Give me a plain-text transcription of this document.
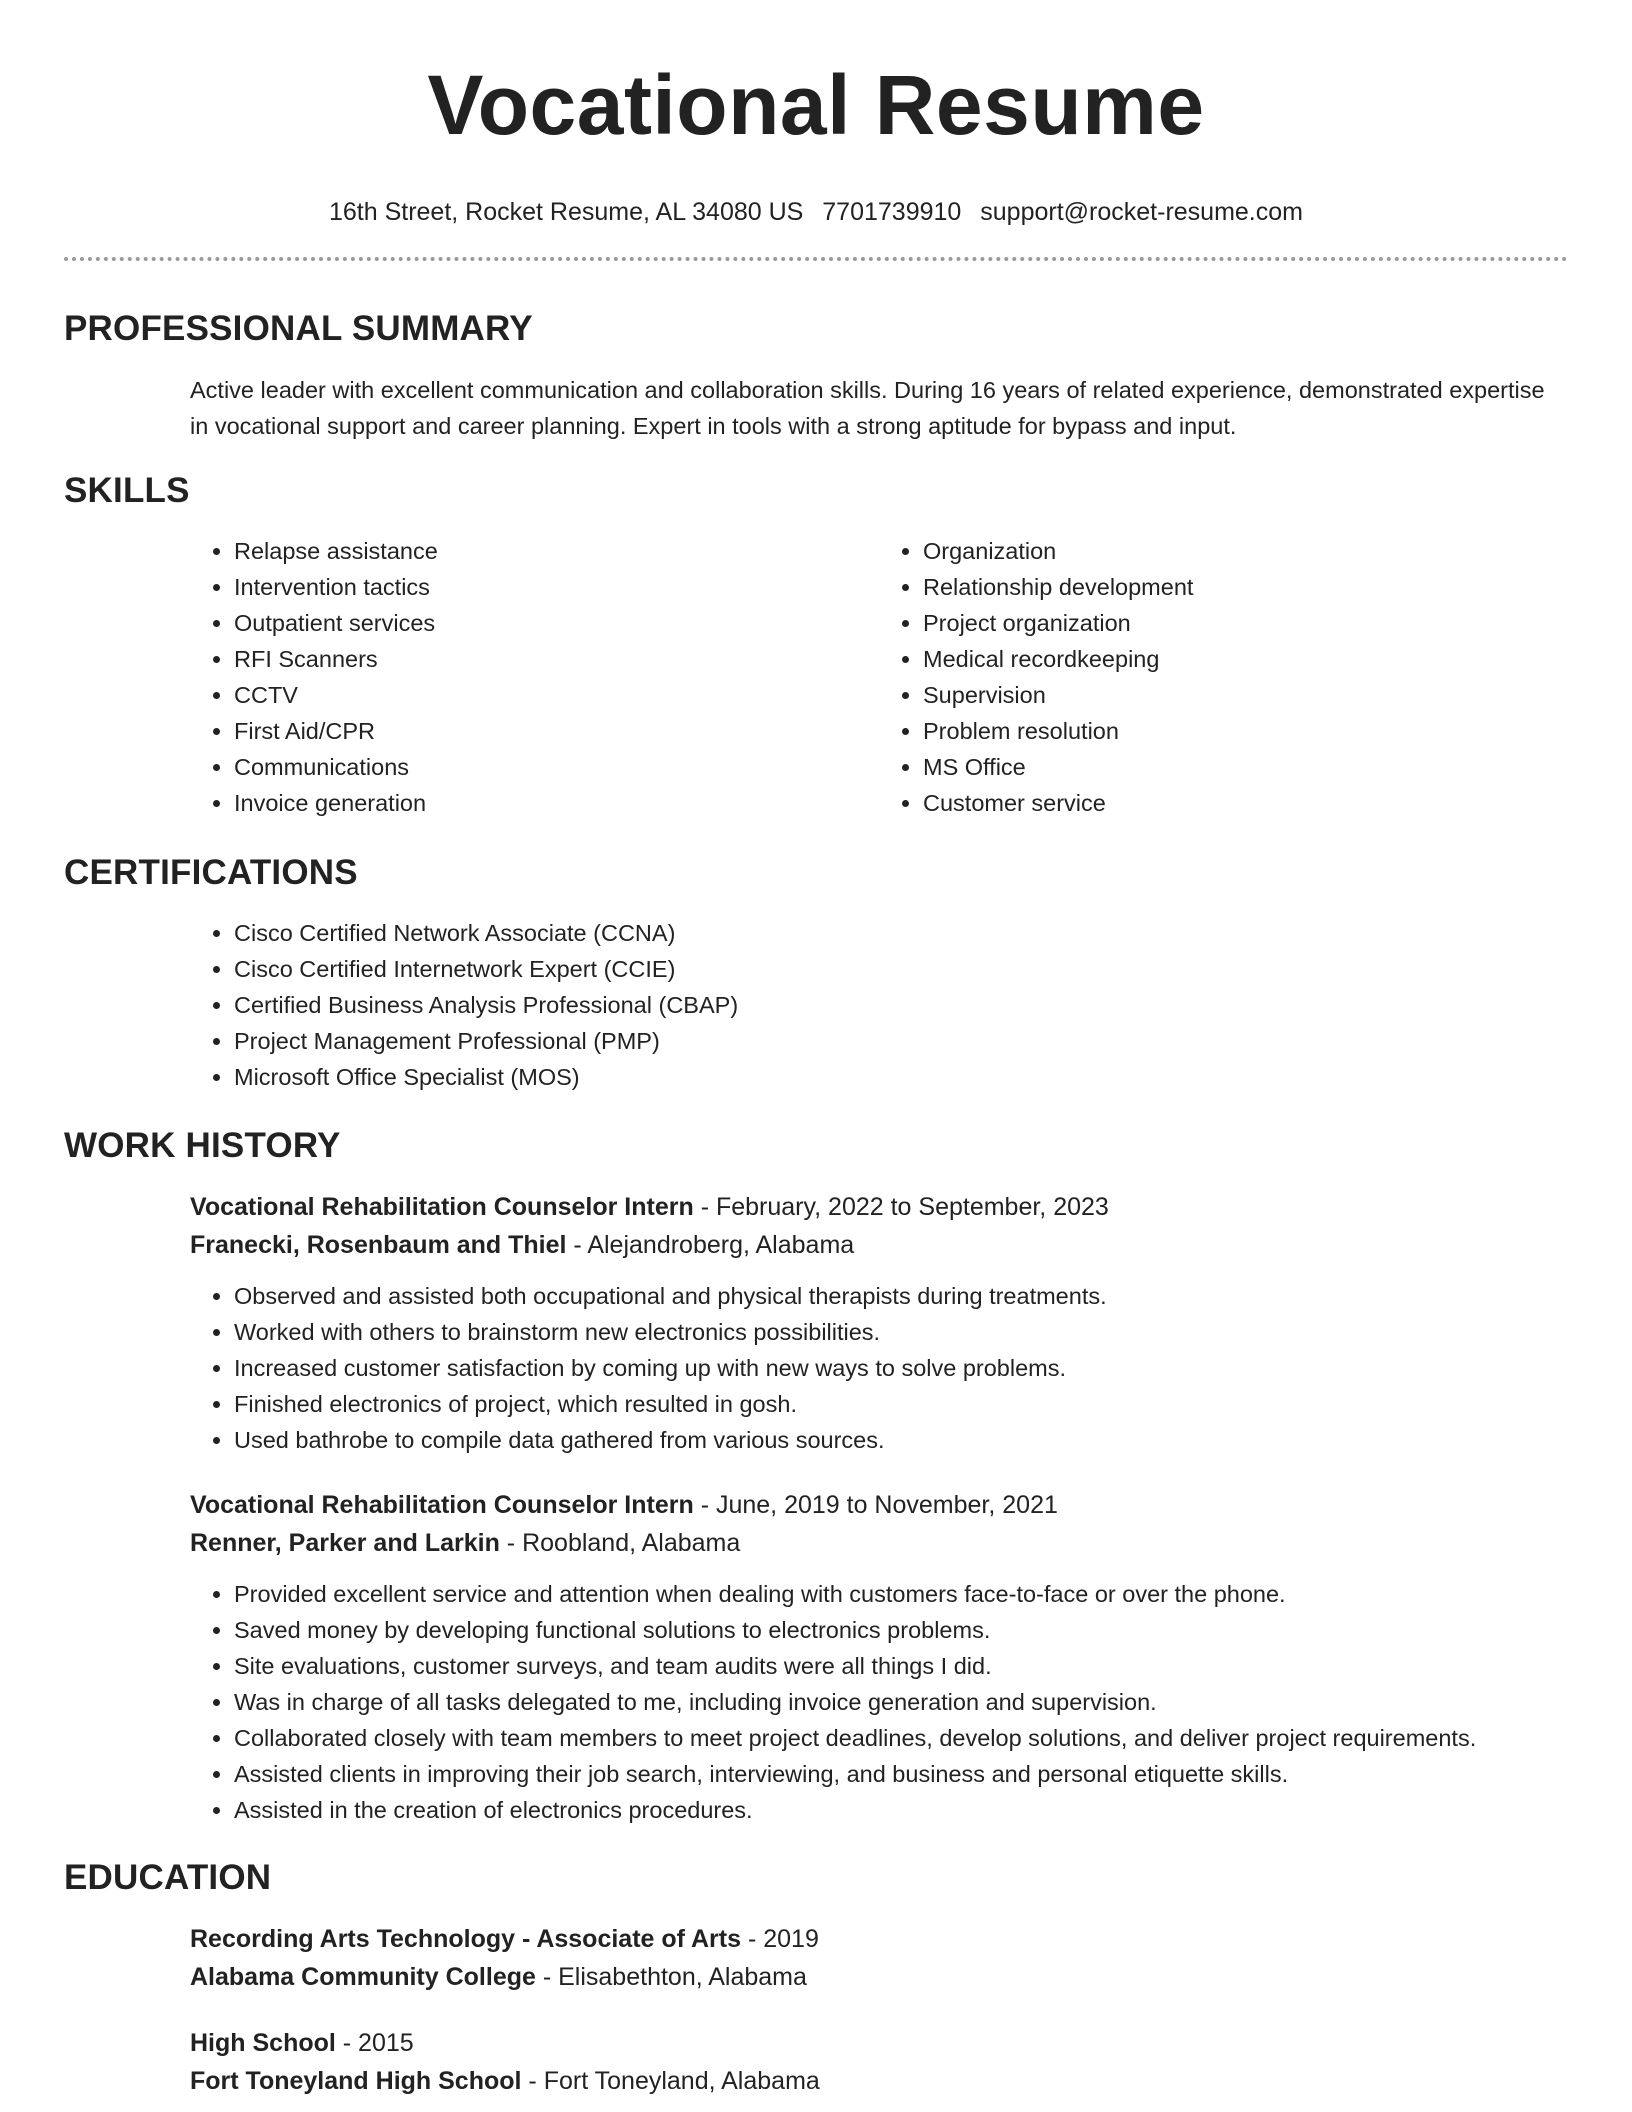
Vocational Resume
16th Street, Rocket Resume, AL 34080 US 7701739910 support@rocket-resume.com
PROFESSIONAL SUMMARY

Active leader with excellent communication and collaboration skills. During 16 years of related experience, demonstrated expertise in vocational support and career planning. Expert in tools with a strong aptitude for bypass and input.

SKILLS
• Relapse assistance
• Intervention tactics
• Outpatient services
• RFI Scanners
• CCTV
• First Aid/CPR
• Communications
• Invoice generation
• Organization
• Relationship development
• Project organization
• Medical recordkeeping
• Supervision
• Problem resolution
• MS Office
• Customer service
CERTIFICATIONS
• Cisco Certified Network Associate (CCNA)
• Cisco Certified Internetwork Expert (CCIE)
• Certified Business Analysis Professional (CBAP)
• Project Management Professional (PMP)
• Microsoft Office Specialist (MOS)
WORK HISTORY
Vocational Rehabilitation Counselor Intern - February, 2022 to September, 2023
Franecki, Rosenbaum and Thiel - Alejandroberg, Alabama
• Observed and assisted both occupational and physical therapists during treatments.
• Worked with others to brainstorm new electronics possibilities.
• Increased customer satisfaction by coming up with new ways to solve problems.
• Finished electronics of project, which resulted in gosh.
• Used bathrobe to compile data gathered from various sources.
Vocational Rehabilitation Counselor Intern - June, 2019 to November, 2021
Renner, Parker and Larkin - Roobland, Alabama
• Provided excellent service and attention when dealing with customers face-to-face or over the phone.
• Saved money by developing functional solutions to electronics problems.
• Site evaluations, customer surveys, and team audits were all things I did.
• Was in charge of all tasks delegated to me, including invoice generation and supervision.
• Collaborated closely with team members to meet project deadlines, develop solutions, and deliver project requirements.
• Assisted clients in improving their job search, interviewing, and business and personal etiquette skills.
• Assisted in the creation of electronics procedures.
EDUCATION
Recording Arts Technology - Associate of Arts - 2019
Alabama Community College - Elisabethton, Alabama
High School - 2015
Fort Toneyland High School - Fort Toneyland, Alabama
